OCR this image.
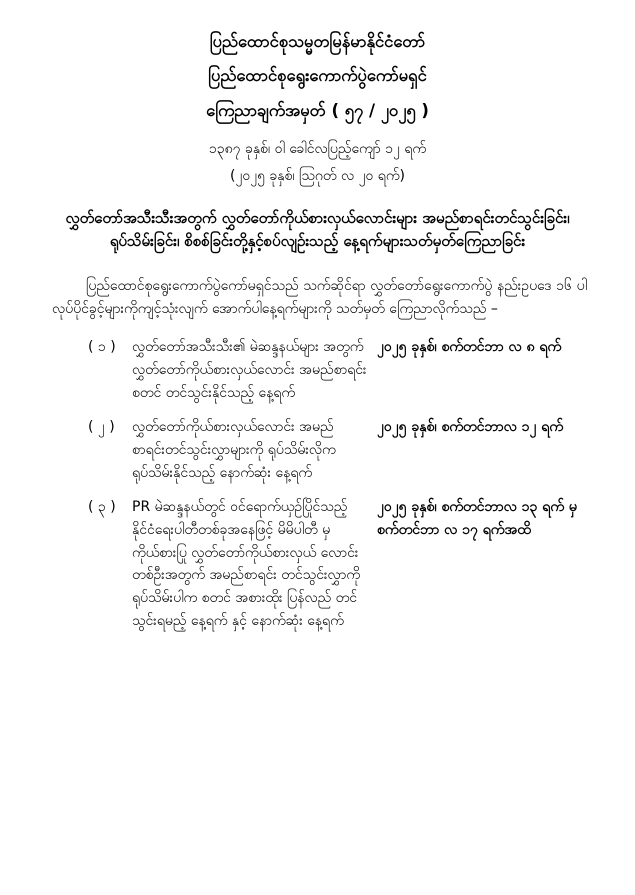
ပြည်ထောင်စုသမ္မတမြန်မာနိုင်ငံတော်
ပြည်ထောင်စုရွေးကောက်ပွဲကော်မရှင်
ကြေညာချက်အမှတ် ( ၅၇ / ၂၀၂၅ )
၁၃၈၇ ခုနှစ်၊ ၀ါ ခေါင်လပြည့်ကျော် ၁၂ ရက်
(၂၀၂၅ ခုနှစ်၊ ဩဂုတ် လ ၂၀ ရက်)
လွှတ်တော်အသီးသီးအတွက် လွှတ်တော်ကိုယ်စားလှယ်လောင်းများ အမည်စာရင်းတင်သွင်းခြင်း၊
ရုပ်သိမ်းခြင်း၊ စိစစ်ခြင်းတို့နှင့်စပ်လျဉ်းသည့် နေ့ရက်များသတ်မှတ်ကြေညာခြင်း
ပြည်ထောင်စုရွေးကောက်ပွဲကော်မရှင်သည် သက်ဆိုင်ရာ လွှတ်တော်ရွေးကောက်ပွဲ နည်းဥပဒေ ၁၆ ပါလုပ်ပိုင်ခွင့်များကိုကျင့်သုံးလျက် အောက်ပါနေ့ရက်များကို သတ်မှတ် ကြေညာလိုက်သည် –
( ၁ )	လွှတ်တော်အသီးသီး၏ မဲဆန္ဒနယ်များ အတွက် လွှတ်တော်ကိုယ်စားလှယ်လောင်း အမည်စာရင်း စတင် တင်သွင်းနိုင်သည့် နေ့ရက်
၂၀၂၅ ခုနှစ်၊ စက်တင်ဘာ လ ၈ ရက်
( ၂ )	လွှတ်တော်ကိုယ်စားလှယ်လောင်း အမည်စာရင်းတင်သွင်းလွှာများကို ရုပ်သိမ်းလိုက ရုပ်သိမ်းနိုင်သည့် နောက်ဆုံး နေ့ရက်
၂၀၂၅ ခုနှစ်၊ စက်တင်ဘာလ ၁၂ ရက်
( ၃ )	PR မဲဆန္ဒနယ်တွင် ဝင်ရောက်ယှဉ်ပြိုင်သည့် နိုင်ငံရေးပါတီတစ်ခုအနေဖြင့် မိမိပါတီ မှ ကိုယ်စားပြု လွှတ်တော်ကိုယ်စားလှယ် လောင်း တစ်ဦးအတွက် အမည်စာရင်း တင်သွင်းလွှာကို ရုပ်သိမ်းပါက စတင် အစားထိုး ပြန်လည် တင်သွင်းရမည့် နေ့ရက် နှင့် နောက်ဆုံး နေ့ရက်
၂၀၂၅ ခုနှစ်၊ စက်တင်ဘာလ ၁၃ ရက် မှ စက်တင်ဘာ လ ၁၇ ရက်အထိ
